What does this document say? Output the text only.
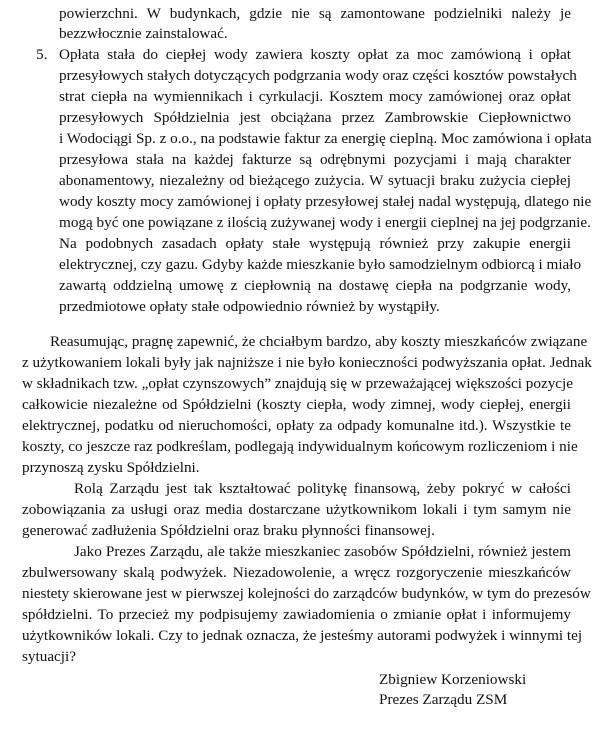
powierzchni. W budynkach, gdzie nie są zamontowane podzielniki należy je
bezzwłocznie zainstalować.
5. Opłata stała do ciepłej wody zawiera koszty opłat za moc zamówioną i opłat
przesyłowych stałych dotyczących podgrzania wody oraz części kosztów powstałych
strat ciepła na wymiennikach i cyrkulacji. Kosztem mocy zamówionej oraz opłat
przesyłowych Spółdzielnia jest obciążana przez Zambrowskie Ciepłownictwo
i Wodociągi Sp. z o.o., na podstawie faktur za energię cieplną. Moc zamówiona i opłata
przesyłowa stała na każdej fakturze są odrębnymi pozycjami i mają charakter
abonamentowy, niezależny od bieżącego zużycia. W sytuacji braku zużycia ciepłej
wody koszty mocy zamówionej i opłaty przesyłowej stałej nadal występują, dlatego nie
mogą być one powiązane z ilością zużywanej wody i energii cieplnej na jej podgrzanie.
Na podobnych zasadach opłaty stałe występują również przy zakupie energii
elektrycznej, czy gazu. Gdyby każde mieszkanie było samodzielnym odbiorcą i miało
zawartą oddzielną umowę z ciepłownią na dostawę ciepła na podgrzanie wody,
przedmiotowe opłaty stałe odpowiednio również by wystąpiły.
Reasumując, pragnę zapewnić, że chciałbym bardzo, aby koszty mieszkańców związane
z użytkowaniem lokali były jak najniższe i nie było konieczności podwyższania opłat. Jednak
w składnikach tzw. „opłat czynszowych” znajdują się w przeważającej większości pozycje
całkowicie niezależne od Spółdzielni (koszty ciepła, wody zimnej, wody ciepłej, energii
elektrycznej, podatku od nieruchomości, opłaty za odpady komunalne itd.). Wszystkie te
koszty, co jeszcze raz podkreślam, podlegają indywidualnym końcowym rozliczeniom i nie
przynoszą zysku Spółdzielni.
Rolą Zarządu jest tak kształtować politykę finansową, żeby pokryć w całości
zobowiązania za usługi oraz media dostarczane użytkownikom lokali i tym samym nie
generować zadłużenia Spółdzielni oraz braku płynności finansowej.
Jako Prezes Zarządu, ale także mieszkaniec zasobów Spółdzielni, również jestem
zbulwersowany skalą podwyżek. Niezadowolenie, a wręcz rozgoryczenie mieszkańców
niestety skierowane jest w pierwszej kolejności do zarządców budynków, w tym do prezesów
spółdzielni. To przecież my podpisujemy zawiadomienia o zmianie opłat i informujemy
użytkowników lokali. Czy to jednak oznacza, że jesteśmy autorami podwyżek i winnymi tej
sytuacji?
Zbigniew Korzeniowski
Prezes Zarządu ZSM
